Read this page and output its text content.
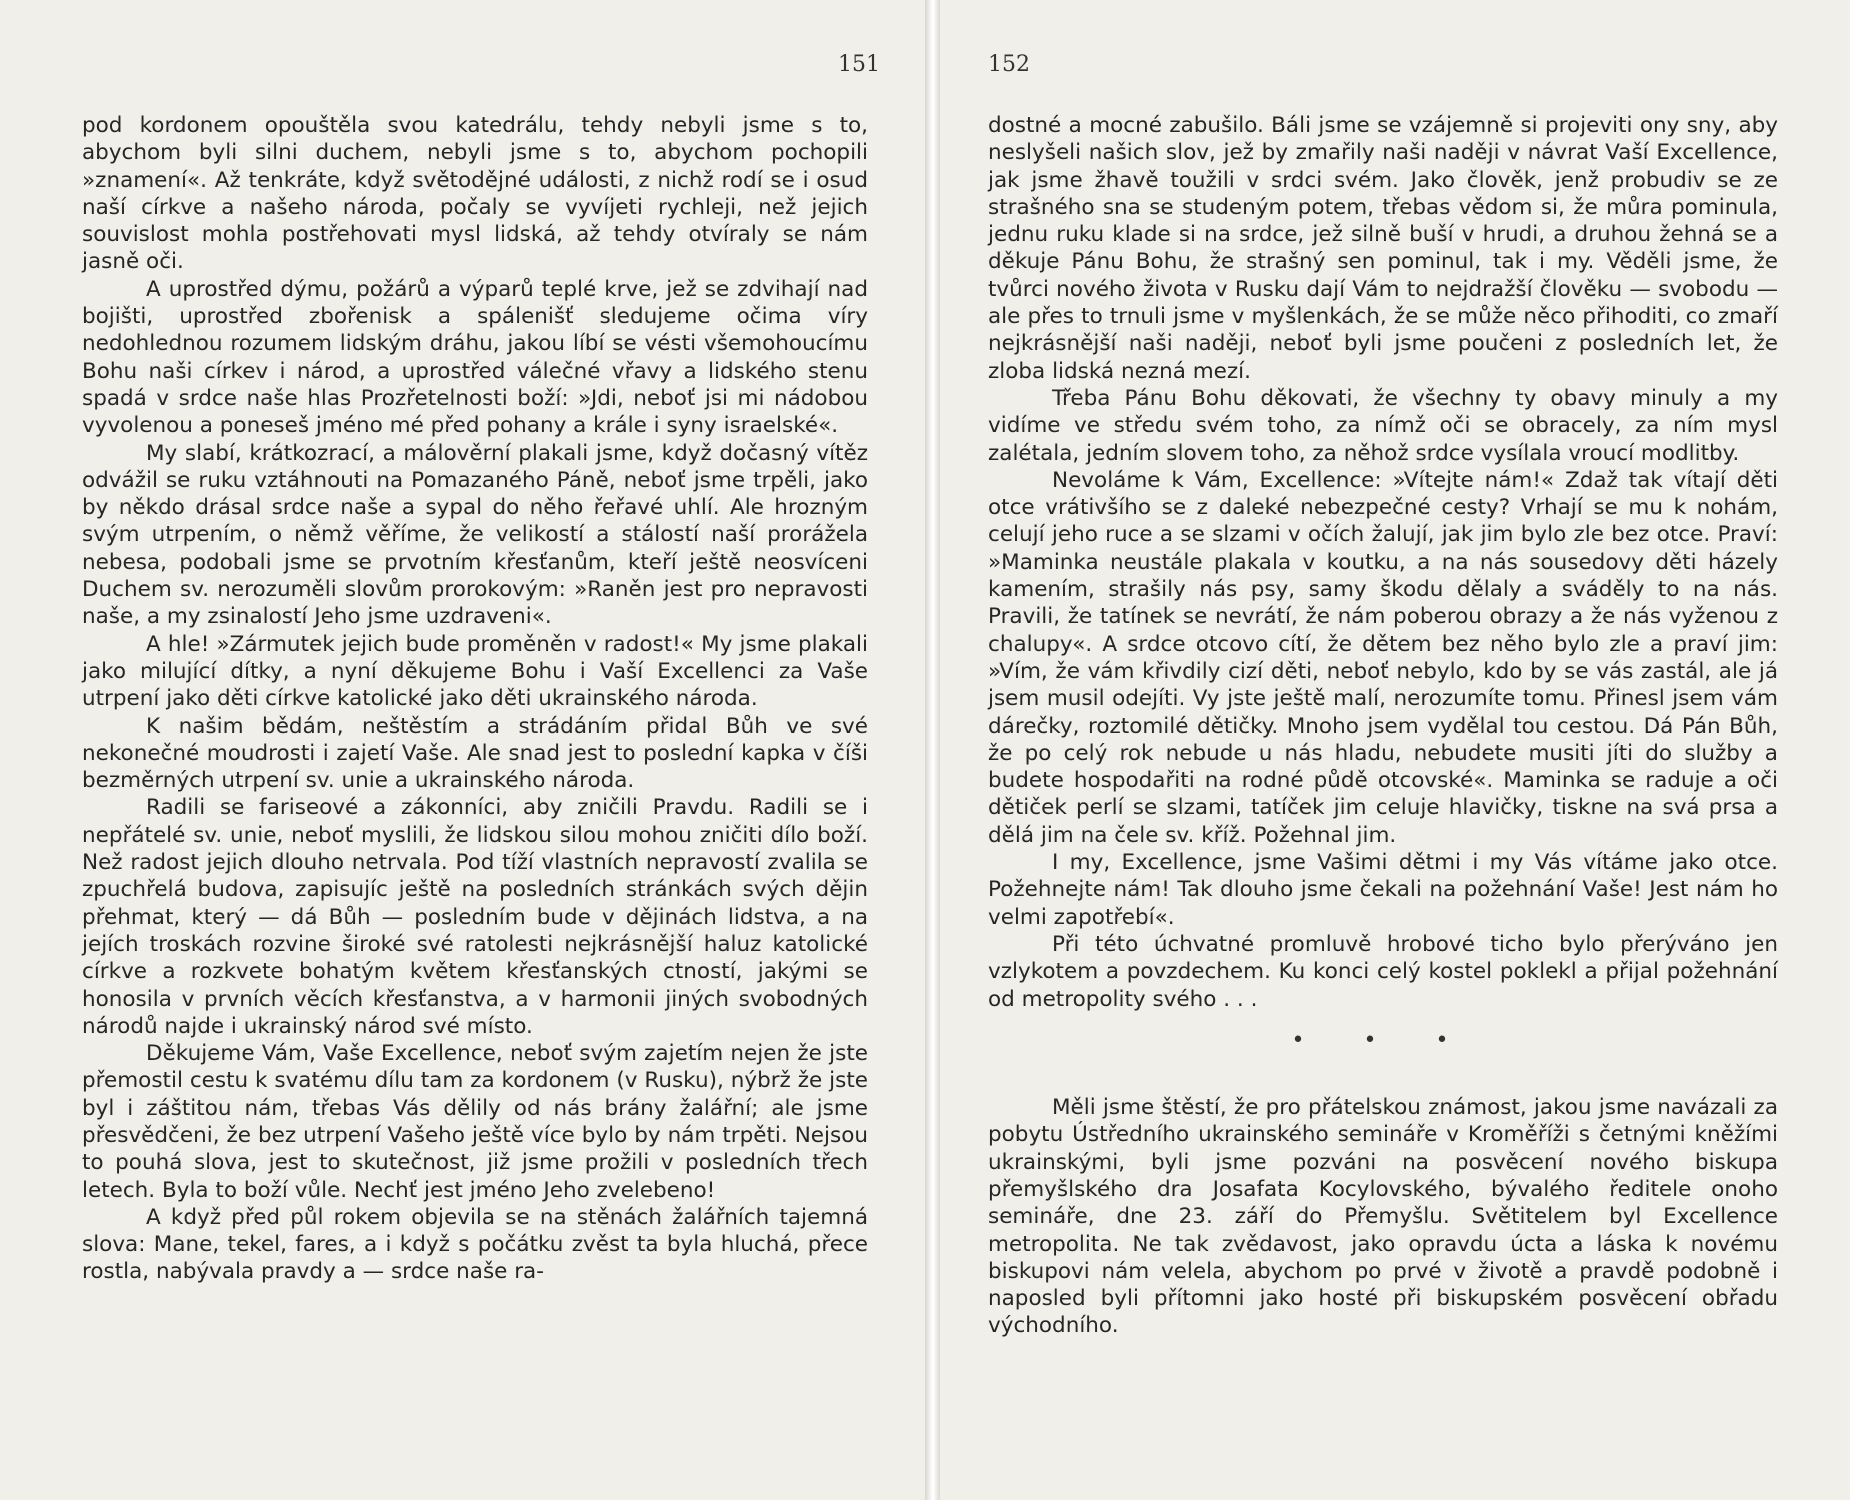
151

pod kordonem opouštěla svou katedrálu, tehdy nebyli jsme s to, abychom byli silni duchem, nebyli jsme s to, abychom pochopili »znamení«. Až tenkráte, když světodějné události, z nichž rodí se i osud naší církve a našeho národa, počaly se vyvíjeti rychleji, než jejich souvislost mohla postřehovati mysl lidská, až tehdy otvíraly se nám jasně oči.

A uprostřed dýmu, požárů a výparů teplé krve, jež se zdvihají nad bojišti, uprostřed zbořenisk a spálenišť sledujeme očima víry nedohlednou rozumem lidským dráhu, jakou líbí se vésti všemohoucímu Bohu naši církev i národ, a uprostřed válečné vřavy a lidského stenu spadá v srdce naše hlas Prozřetelnosti boží: »Jdi, neboť jsi mi nádobou vyvolenou a poneseš jméno mé před pohany a krále i syny israelské«.

My slabí, krátkozrací, a málověrní plakali jsme, když dočasný vítěz odvážil se ruku vztáhnouti na Pomazaného Páně, neboť jsme trpěli, jako by někdo drásal srdce naše a sypal do něho řeřavé uhlí. Ale hrozným svým utrpením, o němž věříme, že velikostí a stálostí naší prorážela nebesa, podobali jsme se prvotním křesťanům, kteří ještě neosvíceni Duchem sv. nerozuměli slovům prorokovým: »Raněn jest pro nepravosti naše, a my zsinalostí Jeho jsme uzdraveni«.

A hle! »Zármutek jejich bude proměněn v radost!« My jsme plakali jako milující dítky, a nyní děkujeme Bohu i Vaší Excellenci za Vaše utrpení jako děti církve katolické jako děti ukrainského národa.

K našim bědám, neštěstím a strádáním přidal Bůh ve své nekonečné moudrosti i zajetí Vaše. Ale snad jest to poslední kapka v číši bezměrných utrpení sv. unie a ukrainského národa.

Radili se fariseové a zákonníci, aby zničili Pravdu. Radili se i nepřátelé sv. unie, neboť myslili, že lidskou silou mohou zničiti dílo boží. Než radost jejich dlouho netrvala. Pod tíží vlastních nepravostí zvalila se zpuchřelá budova, zapisujíc ještě na posledních stránkách svých dějin přehmat, který — dá Bůh — posledním bude v dějinách lidstva, a na jejích troskách rozvine široké své ratolesti nejkrásnější haluz katolické církve a rozkvete bohatým květem křesťanských ctností, jakými se honosila v prvních věcích křesťanstva, a v harmonii jiných svobodných národů najde i ukrainský národ své místo.

Děkujeme Vám, Vaše Excellence, neboť svým zajetím nejen že jste přemostil cestu k svatému dílu tam za kordonem (v Rusku), nýbrž že jste byl i záštitou nám, třebas Vás dělily od nás brány žalářní; ale jsme přesvědčeni, že bez utrpení Vašeho ještě více bylo by nám trpěti. Nejsou to pouhá slova, jest to skutečnost, již jsme prožili v posledních třech letech. Byla to boží vůle. Nechť jest jméno Jeho zvelebeno!

A když před půl rokem objevila se na stěnách žalářních tajemná slova: Mane, tekel, fares, a i když s počátku zvěst ta byla hluchá, přece rostla, nabývala pravdy a — srdce naše ra-

152

dostné a mocné zabušilo. Báli jsme se vzájemně si projeviti ony sny, aby neslyšeli našich slov, jež by zmařily naši naději v návrat Vaší Excellence, jak jsme žhavě toužili v srdci svém. Jako člověk, jenž probudiv se ze strašného sna se studeným potem, třebas vědom si, že můra pominula, jednu ruku klade si na srdce, jež silně buší v hrudi, a druhou žehná se a děkuje Pánu Bohu, že strašný sen pominul, tak i my. Věděli jsme, že tvůrci nového života v Rusku dají Vám to nejdražší člověku — svobodu — ale přes to trnuli jsme v myšlenkách, že se může něco přihoditi, co zmaří nejkrásnější naši naději, neboť byli jsme poučeni z posledních let, že zloba lidská nezná mezí.

Třeba Pánu Bohu děkovati, že všechny ty obavy minuly a my vidíme ve středu svém toho, za nímž oči se obracely, za ním mysl zalétala, jedním slovem toho, za něhož srdce vysílala vroucí modlitby.

Nevoláme k Vám, Excellence: »Vítejte nám!« Zdaž tak vítají děti otce vrátivšího se z daleké nebezpečné cesty? Vrhají se mu k nohám, celují jeho ruce a se slzami v očích žalují, jak jim bylo zle bez otce. Praví: »Maminka neustále plakala v koutku, a na nás sousedovy děti házely kamením, strašily nás psy, samy škodu dělaly a sváděly to na nás. Pravili, že tatínek se nevrátí, že nám poberou obrazy a že nás vyženou z chalupy«. A srdce otcovo cítí, že dětem bez něho bylo zle a praví jim: »Vím, že vám křivdily cizí děti, neboť nebylo, kdo by se vás zastál, ale já jsem musil odejíti. Vy jste ještě malí, nerozumíte tomu. Přinesl jsem vám dárečky, roztomilé dětičky. Mnoho jsem vydělal tou cestou. Dá Pán Bůh, že po celý rok nebude u nás hladu, nebudete musiti jíti do služby a budete hospodařiti na rodné půdě otcovské«. Maminka se raduje a oči dětiček perlí se slzami, tatíček jim celuje hlavičky, tiskne na svá prsa a dělá jim na čele sv. kříž. Požehnal jim.

I my, Excellence, jsme Vašimi dětmi i my Vás vítáme jako otce. Požehnejte nám! Tak dlouho jsme čekali na požehnání Vaše! Jest nám ho velmi zapotřebí«.

Při této úchvatné promluvě hrobové ticho bylo přerýváno jen vzlykotem a povzdechem. Ku konci celý kostel poklekl a přijal požehnání od metropolity svého . . .

• • •

Měli jsme štěstí, že pro přátelskou známost, jakou jsme navázali za pobytu Ústředního ukrainského semináře v Kroměříži s četnými kněžími ukrainskými, byli jsme pozváni na posvěcení nového biskupa přemyšlského dra Josafata Kocylovského, bývalého ředitele onoho semináře, dne 23. září do Přemyšlu. Světitelem byl Excellence metropolita. Ne tak zvědavost, jako opravdu úcta a láska k novému biskupovi nám velela, abychom po prvé v životě a pravdě podobně i naposled byli přítomni jako hosté při biskupském posvěcení obřadu východního.
